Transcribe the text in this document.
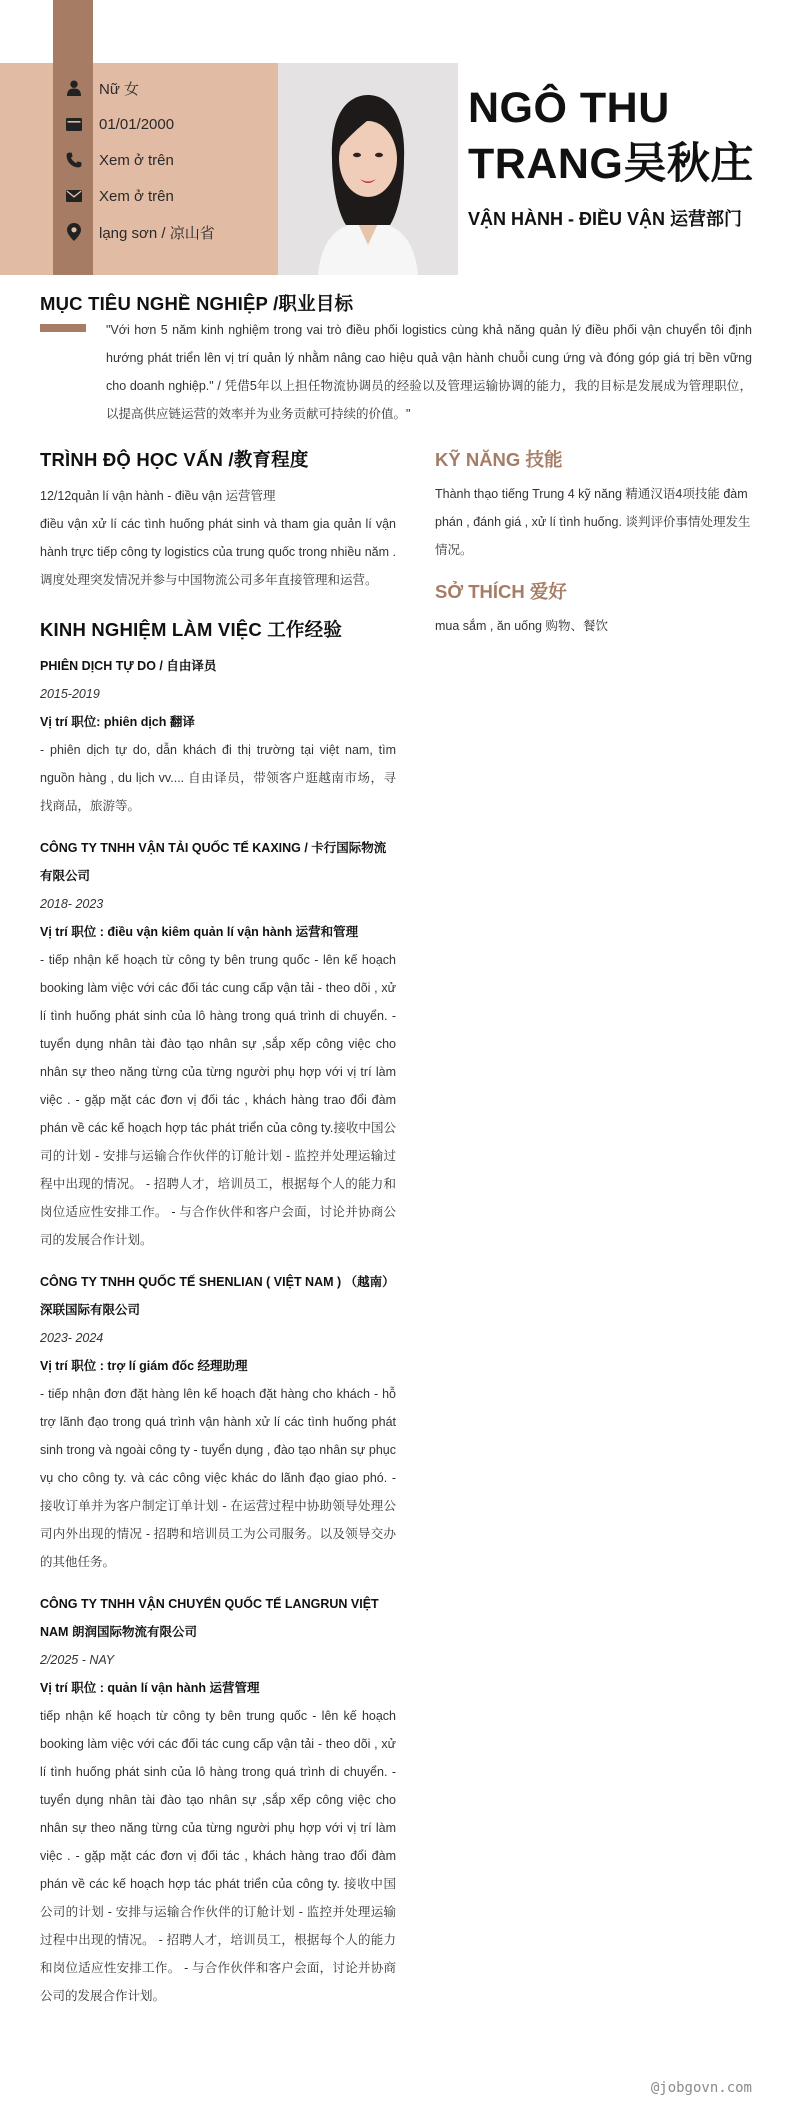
Nữ 女
01/01/2000
Xem ở trên
Xem ở trên
lạng sơn / 凉山省
NGÔ THU TRANG吴秋庄
VẬN HÀNH - ĐIỀU VẬN 运营部门
MỤC TIÊU NGHỀ NGHIỆP /职业目标
"Với hơn 5 năm kinh nghiệm trong vai trò điều phối logistics cùng khả năng quản lý điều phối vận chuyển tôi định hướng phát triển lên vị trí quản lý nhằm nâng cao hiệu quả vận hành chuỗi cung ứng và đóng góp giá trị bền vững cho doanh nghiệp." / 凭借5年以上担任物流协调员的经验以及管理运输协调的能力，我的目标是发展成为管理职位，以提高供应链运营的效率并为业务贡献可持续的价值。"
TRÌNH ĐỘ HỌC VẤN /教育程度
12/12quản lí vận hành - điều vận 运营管理
điều vận xử lí các tình huống phát sinh và tham gia quản lí vận hành trực tiếp công ty logistics của trung quốc trong nhiều năm .调度处理突发情况并参与中国物流公司多年直接管理和运营。
KINH NGHIỆM LÀM VIỆC 工作经验
PHIÊN DỊCH TỰ DO / 自由译员
2015-2019
Vị trí 职位: phiên dịch 翻译
- phiên dịch tự do, dẫn khách đi thị trường tại việt nam, tìm nguồn hàng , du lịch vv.... 自由译员，带领客户逛越南市场，寻找商品，旅游等。
CÔNG TY TNHH VẬN TẢI QUỐC TẾ KAXING / 卡行国际物流有限公司
2018- 2023
Vị trí 职位 : điều vận kiêm quản lí vận hành 运营和管理
- tiếp nhận kế hoạch từ công ty bên trung quốc - lên kế hoạch booking làm việc với các đối tác cung cấp vận tải - theo dõi , xử lí tình huống phát sinh của lô hàng trong quá trình di chuyển. - tuyển dụng nhân tài đào tạo nhân sự ,sắp xếp công việc cho nhân sự theo năng từng của từng người phụ hợp với vị trí làm việc . - gặp mặt các đơn vị đối tác , khách hàng trao đổi đàm phán về các kế hoạch hợp tác phát triển của công ty.接收中国公司的计划 - 安排与运输合作伙伴的订舱计划 - 监控并处理运输过程中出现的情况。 - 招聘人才，培训员工，根据每个人的能力和岗位适应性安排工作。 - 与合作伙伴和客户会面，讨论并协商公司的发展合作计划。
CÔNG TY TNHH QUỐC TẾ SHENLIAN ( VIỆT NAM ) （越南）深联国际有限公司
2023- 2024
Vị trí 职位 : trợ lí giám đốc 经理助理
- tiếp nhận đơn đặt hàng lên kế hoạch đặt hàng cho khách - hỗ trợ lãnh đạo trong quá trình vận hành xử lí các tình huống phát sinh trong và ngoài công ty - tuyển dụng , đào tạo nhân sự phục vụ cho công ty. và các công việc khác do lãnh đạo giao phó. - 接收订单并为客户制定订单计划 - 在运营过程中协助领导处理公司内外出现的情况 - 招聘和培训员工为公司服务。以及领导交办的其他任务。
CÔNG TY TNHH VẬN CHUYỂN QUỐC TẾ LANGRUN VIỆT NAM 朗润国际物流有限公司
2/2025 - NAY
Vị trí 职位 : quản lí vận hành 运营管理
tiếp nhận kế hoạch từ công ty bên trung quốc - lên kế hoạch booking làm việc với các đối tác cung cấp vận tải - theo dõi , xử lí tình huống phát sinh của lô hàng trong quá trình di chuyển. - tuyển dụng nhân tài đào tạo nhân sự ,sắp xếp công việc cho nhân sự theo năng từng của từng người phụ hợp với vị trí làm việc . - gặp mặt các đơn vị đối tác , khách hàng trao đổi đàm phán về các kế hoạch hợp tác phát triển của công ty. 接收中国公司的计划 - 安排与运输合作伙伴的订舱计划 - 监控并处理运输过程中出现的情况。 - 招聘人才，培训员工，根据每个人的能力和岗位适应性安排工作。 - 与合作伙伴和客户会面，讨论并协商公司的发展合作计划。
KỸ NĂNG 技能
Thành thạo tiếng Trung 4 kỹ năng 精通汉语4项技能 đàm phán , đánh giá , xử lí tình huống. 谈判评价事情处理发生情况。
SỞ THÍCH 爱好
mua sắm , ăn uống 购物、餐饮
@jobgovn.com
